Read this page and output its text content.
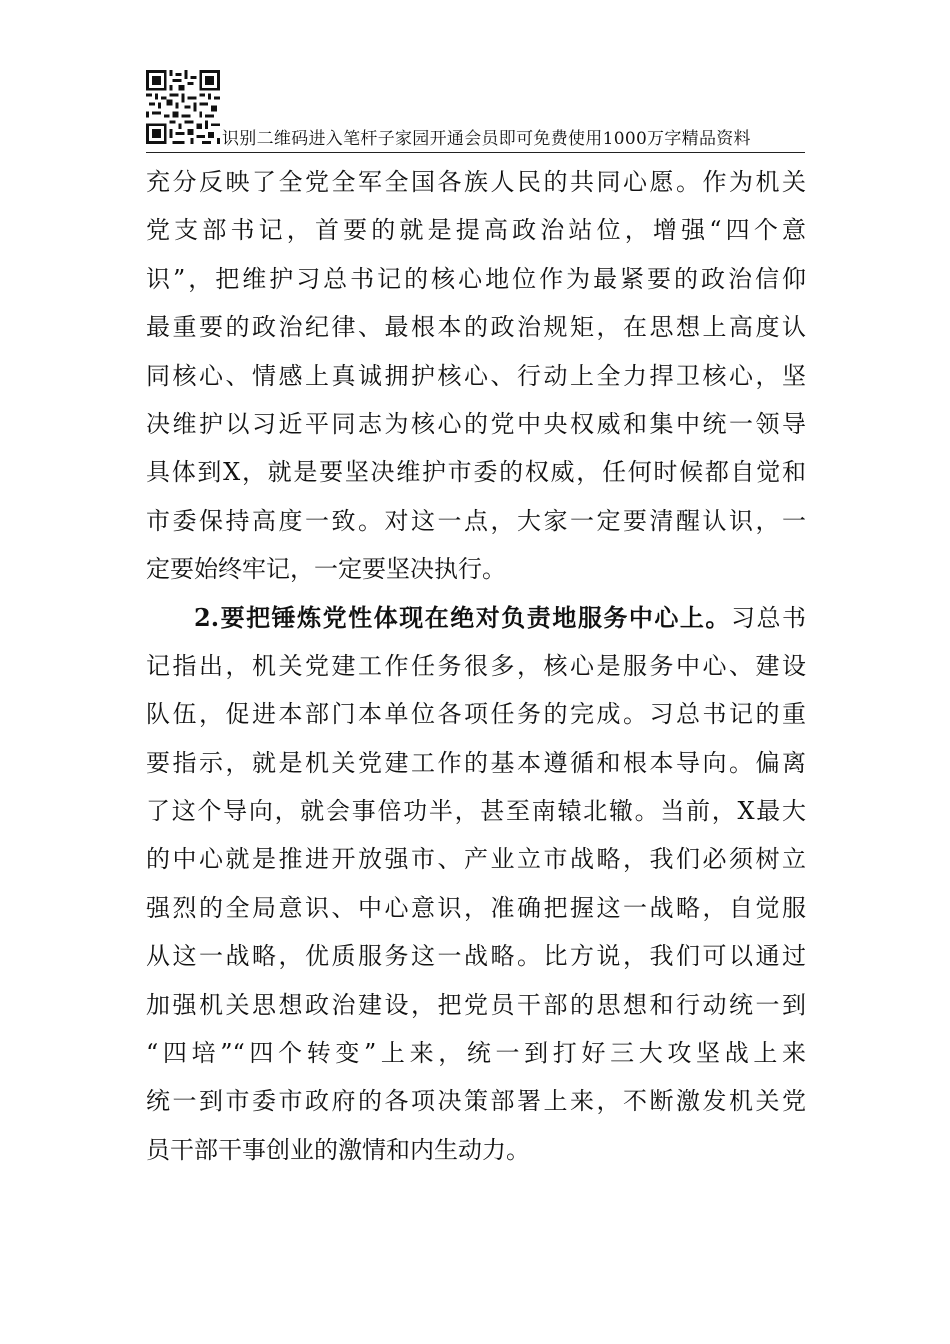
识别二维码进入笔杆子家园开通会员即可免费使用1000万字精品资料
充分反映了全党全军全国各族人民的共同心愿。作为机关
党支部书记，首要的就是提高政治站位，增强“四个意
识”，把维护习总书记的核心地位作为最紧要的政治信仰
最重要的政治纪律、最根本的政治规矩，在思想上高度认
同核心、情感上真诚拥护核心、行动上全力捍卫核心，坚
决维护以习近平同志为核心的党中央权威和集中统一领导
具体到X，就是要坚决维护市委的权威，任何时候都自觉和
市委保持高度一致。对这一点，大家一定要清醒认识，一
定要始终牢记，一定要坚决执行。
2.要把锤炼党性体现在绝对负责地服务中心上。习总书
记指出，机关党建工作任务很多，核心是服务中心、建设
队伍，促进本部门本单位各项任务的完成。习总书记的重
要指示，就是机关党建工作的基本遵循和根本导向。偏离
了这个导向，就会事倍功半，甚至南辕北辙。当前，X最大
的中心就是推进开放强市、产业立市战略，我们必须树立
强烈的全局意识、中心意识，准确把握这一战略，自觉服
从这一战略，优质服务这一战略。比方说，我们可以通过
加强机关思想政治建设，把党员干部的思想和行动统一到
“四培”“四个转变”上来，统一到打好三大攻坚战上来
统一到市委市政府的各项决策部署上来，不断激发机关党
员干部干事创业的激情和内生动力。
